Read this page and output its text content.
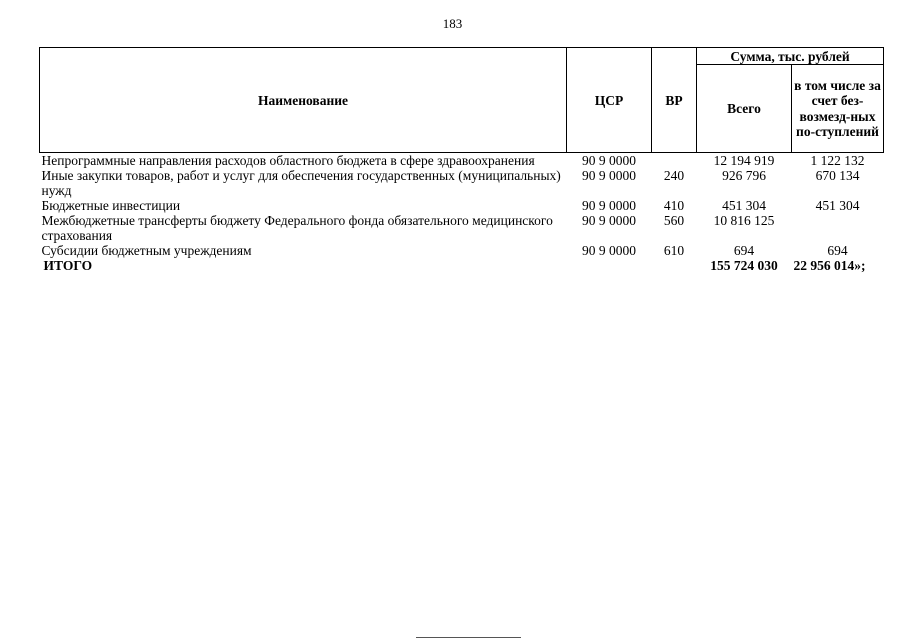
183
Наименование	ЦСР	ВР	Сумма, тыс. рублей	
			Всего	в том числе за счет без-возмезд-ных по-ступлений
Непрограммные направления расходов областного бюджета в сфере здравоохранения	90 9 0000		12 194 919	1 122 132
Иные закупки товаров, работ и услуг для обеспечения государственных (муниципальных) нужд	90 9 0000	240	926 796	670 134
Бюджетные инвестиции	90 9 0000	410	451 304	451 304
Межбюджетные трансферты бюджету Федерального фонда обязательного медицинского страхования	90 9 0000	560	10 816 125	
Субсидии бюджетным учреждениям	90 9 0000	610	694	694
ИТОГО			155 724 030	22 956 014»;
